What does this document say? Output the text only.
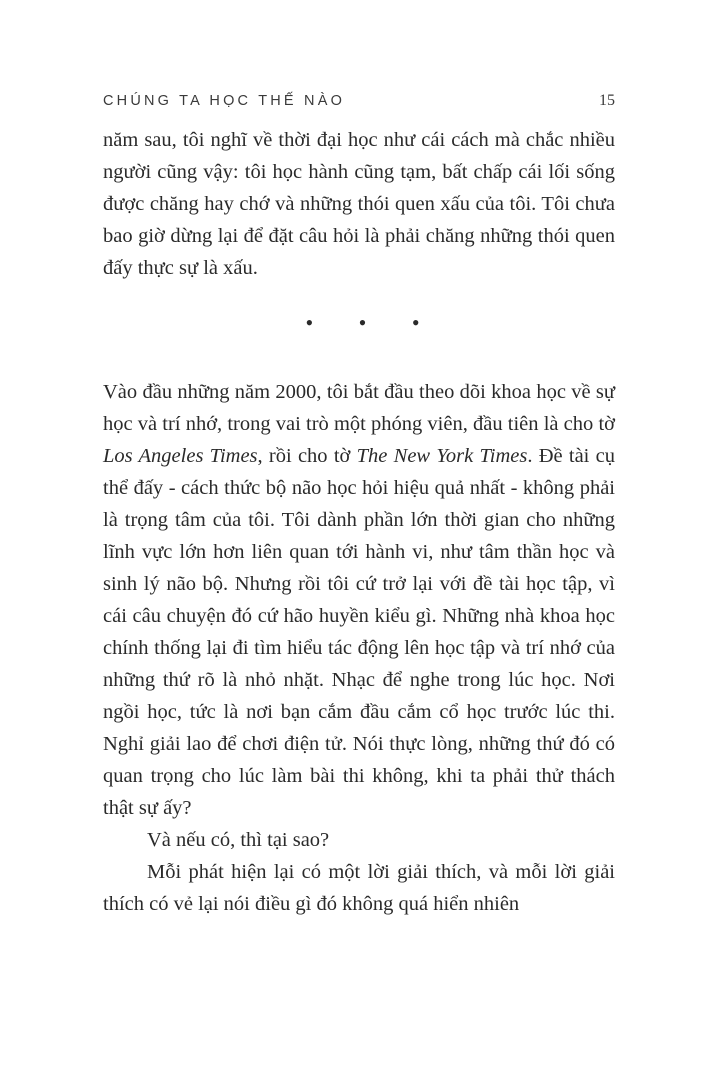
CHÚNG TA HỌC THẾ NÀO	15

năm sau, tôi nghĩ về thời đại học như cái cách mà chắc nhiều người cũng vậy: tôi học hành cũng tạm, bất chấp cái lối sống được chăng hay chớ và những thói quen xấu của tôi. Tôi chưa bao giờ dừng lại để đặt câu hỏi là phải chăng những thói quen đấy thực sự là xấu.

• • •

Vào đầu những năm 2000, tôi bắt đầu theo dõi khoa học về sự học và trí nhớ, trong vai trò một phóng viên, đầu tiên là cho tờ Los Angeles Times, rồi cho tờ The New York Times. Đề tài cụ thể đấy - cách thức bộ não học hỏi hiệu quả nhất - không phải là trọng tâm của tôi. Tôi dành phần lớn thời gian cho những lĩnh vực lớn hơn liên quan tới hành vi, như tâm thần học và sinh lý não bộ. Nhưng rồi tôi cứ trở lại với đề tài học tập, vì cái câu chuyện đó cứ hão huyền kiểu gì. Những nhà khoa học chính thống lại đi tìm hiểu tác động lên học tập và trí nhớ của những thứ rõ là nhỏ nhặt. Nhạc để nghe trong lúc học. Nơi ngồi học, tức là nơi bạn cắm đầu cắm cổ học trước lúc thi. Nghỉ giải lao để chơi điện tử. Nói thực lòng, những thứ đó có quan trọng cho lúc làm bài thi không, khi ta phải thử thách thật sự ấy?

Và nếu có, thì tại sao?

Mỗi phát hiện lại có một lời giải thích, và mỗi lời giải thích có vẻ lại nói điều gì đó không quá hiển nhiên
